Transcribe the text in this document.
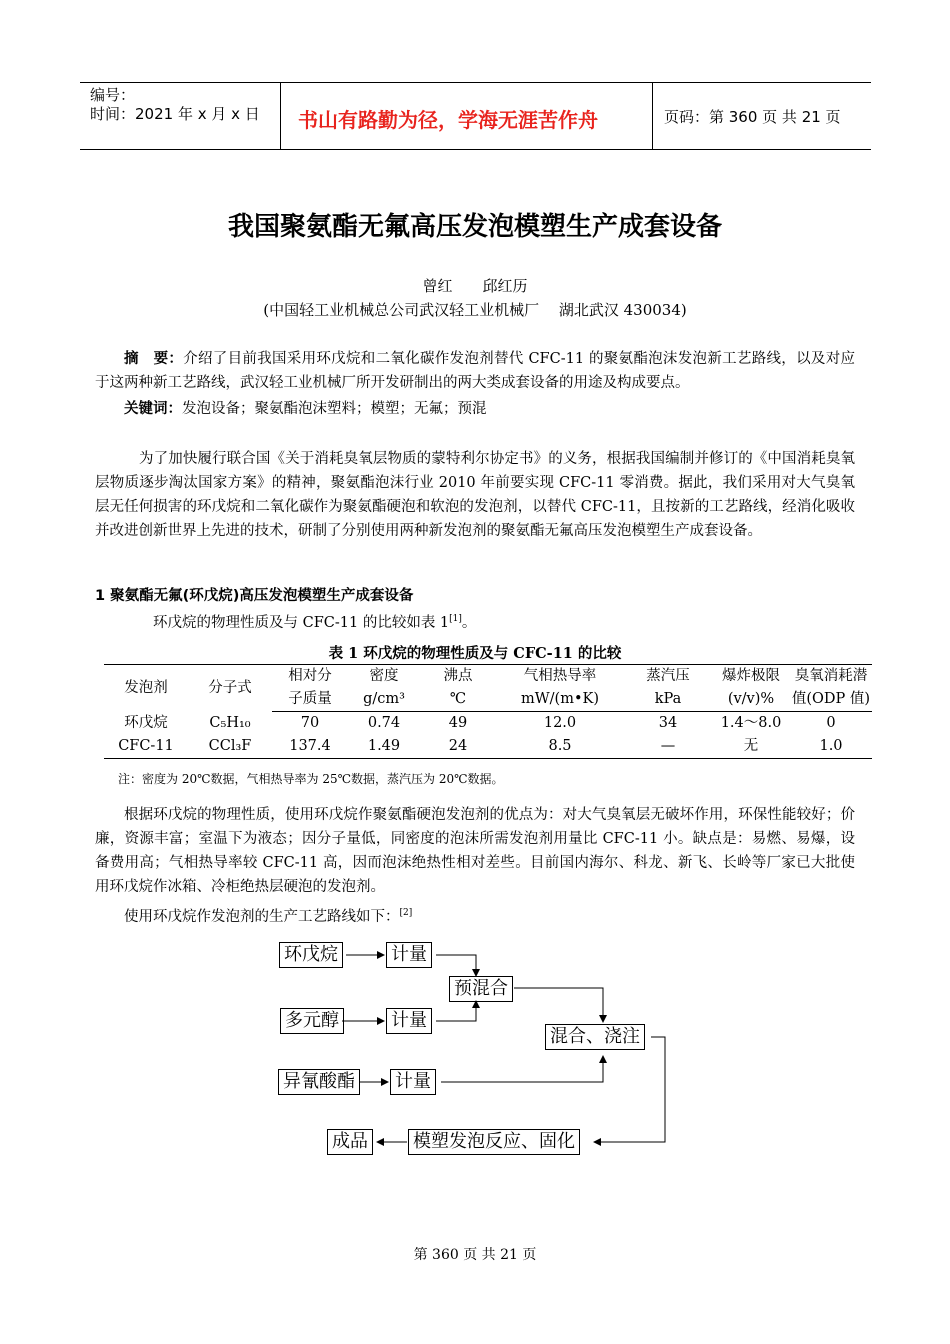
编号：
时间：2021 年 x 月 x 日 书山有路勤为径，学海无涯苦作舟	页码：第 360 页 共 21 页
我国聚氨酯无氟高压发泡模塑生产成套设备
曾红　　邱红历
(中国轻工业机械总公司武汉轻工业机械厂　 湖北武汉 430034)
摘　要：介绍了目前我国采用环戊烷和二氧化碳作发泡剂替代 CFC-11 的聚氨酯泡沫发泡新工艺路线，以及对应于这两种新工艺路线，武汉轻工业机械厂所开发研制出的两大类成套设备的用途及构成要点。
关键词：发泡设备；聚氨酯泡沫塑料；模塑；无氟；预混
为了加快履行联合国《关于消耗臭氧层物质的蒙特利尔协定书》的义务，根据我国编制并修订的《中国消耗臭氧层物质逐步淘汰国家方案》的精神，聚氨酯泡沫行业 2010 年前要实现 CFC-11 零消费。据此，我们采用对大气臭氧层无任何损害的环戊烷和二氧化碳作为聚氨酯硬泡和软泡的发泡剂，以替代 CFC-11，且按新的工艺路线，经消化吸收并改进创新世界上先进的技术，研制了分别使用两种新发泡剂的聚氨酯无氟高压发泡模塑生产成套设备。
1 聚氨酯无氟(环戊烷)高压发泡模塑生产成套设备
环戊烷的物理性质及与 CFC-11 的比较如表 1[1]。
表 1 环戊烷的物理性质及与 CFC-11 的比较
发泡剂	分子式	相对分	密度	沸点	气相热导率	蒸汽压	爆炸极限	臭氧消耗潜
		子质量	g/cm³	℃	mW/(m•K)	kPa	(v/v)%	值(ODP 值)
环戊烷	C₅H₁₀	70	0.74	49	12.0	34	1.4～8.0	0
CFC-11	CCl₃F	137.4	1.49	24	8.5	—	无	1.0
注：密度为 20℃数据，气相热导率为 25℃数据，蒸汽压为 20℃数据。
根据环戊烷的物理性质，使用环戊烷作聚氨酯硬泡发泡剂的优点为：对大气臭氧层无破坏作用，环保性能较好；价廉，资源丰富；室温下为液态；因分子量低，同密度的泡沫所需发泡剂用量比 CFC-11 小。缺点是：易燃、易爆，设备费用高；气相热导率较 CFC-11 高，因而泡沫绝热性相对差些。目前国内海尔、科龙、新飞、长岭等厂家已大批使用环戊烷作冰箱、冷柜绝热层硬泡的发泡剂。
使用环戊烷作发泡剂的生产工艺路线如下：[2]
环戊烷	计量
预混合
多元醇	计量
混合、浇注
异氰酸酯 计量
成品	模塑发泡反应、固化
第 360 页 共 21 页
